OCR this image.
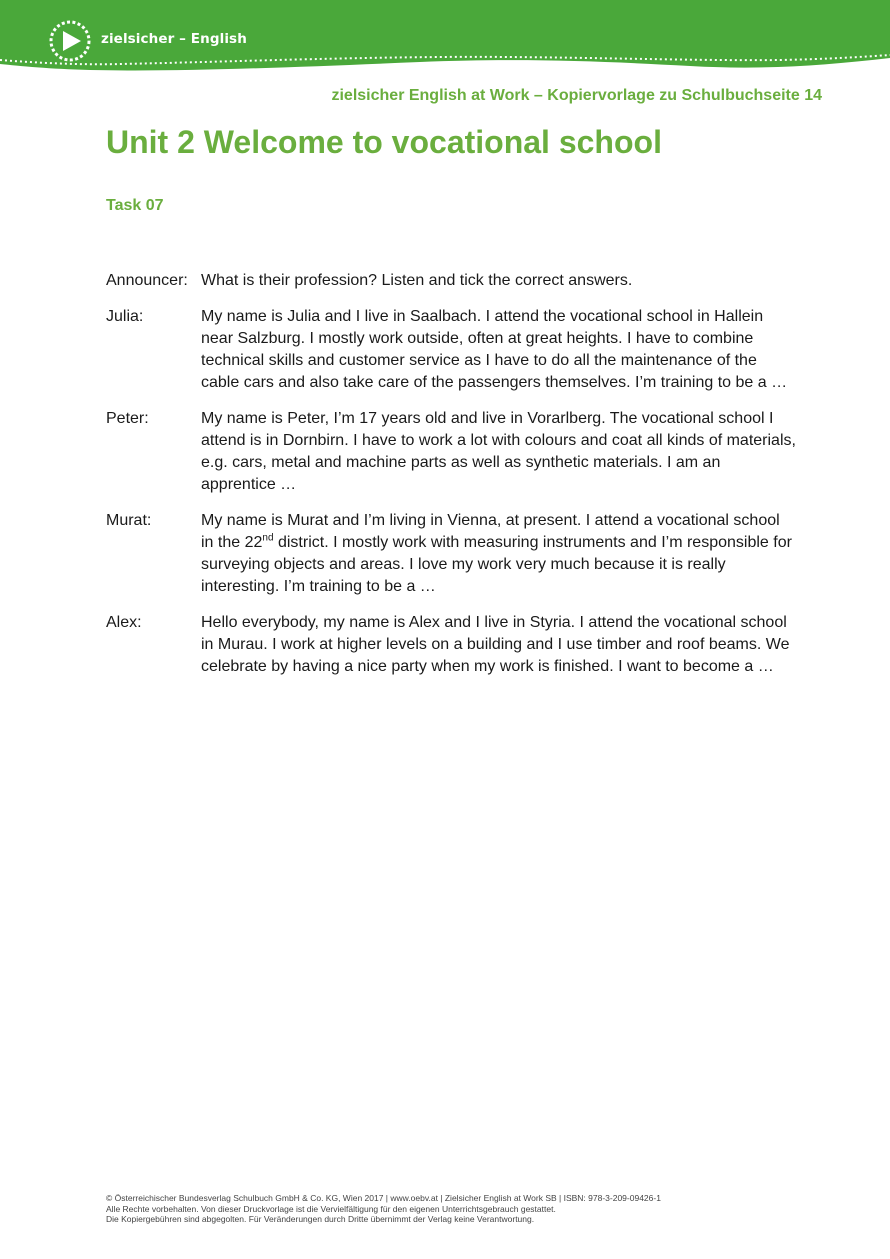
zielsicher – English
zielsicher English at Work – Kopiervorlage zu Schulbuchseite 14
Unit 2 Welcome to vocational school
Task 07
Announcer: What is their profession? Listen and tick the correct answers.
Julia:	My name is Julia and I live in Saalbach. I attend the vocational school in Hallein near Salzburg. I mostly work outside, often at great heights. I have to combine technical skills and customer service as I have to do all the maintenance of the cable cars and also take care of the passengers themselves. I’m training to be a …
Peter:	My name is Peter, I’m 17 years old and live in Vorarlberg. The vocational school I attend is in Dornbirn. I have to work a lot with colours and coat all kinds of materials, e.g. cars, metal and machine parts as well as synthetic materials. I am an apprentice …
Murat:	My name is Murat and I’m living in Vienna, at present. I attend a vocational school in the 22nd district. I mostly work with measuring instruments and I’m responsible for surveying objects and areas. I love my work very much because it is really interesting. I’m training to be a …
Alex:	Hello everybody, my name is Alex and I live in Styria. I attend the vocational school in Murau. I work at higher levels on a building and I use timber and roof beams. We celebrate by having a nice party when my work is finished. I want to become a …
© Österreichischer Bundesverlag Schulbuch GmbH & Co. KG, Wien 2017 | www.oebv.at | Zielsicher English at Work SB | ISBN: 978-3-209-09426-1
Alle Rechte vorbehalten. Von dieser Druckvorlage ist die Vervielfältigung für den eigenen Unterrichtsgebrauch gestattet.
Die Kopiergebühren sind abgegolten. Für Veränderungen durch Dritte übernimmt der Verlag keine Verantwortung.
